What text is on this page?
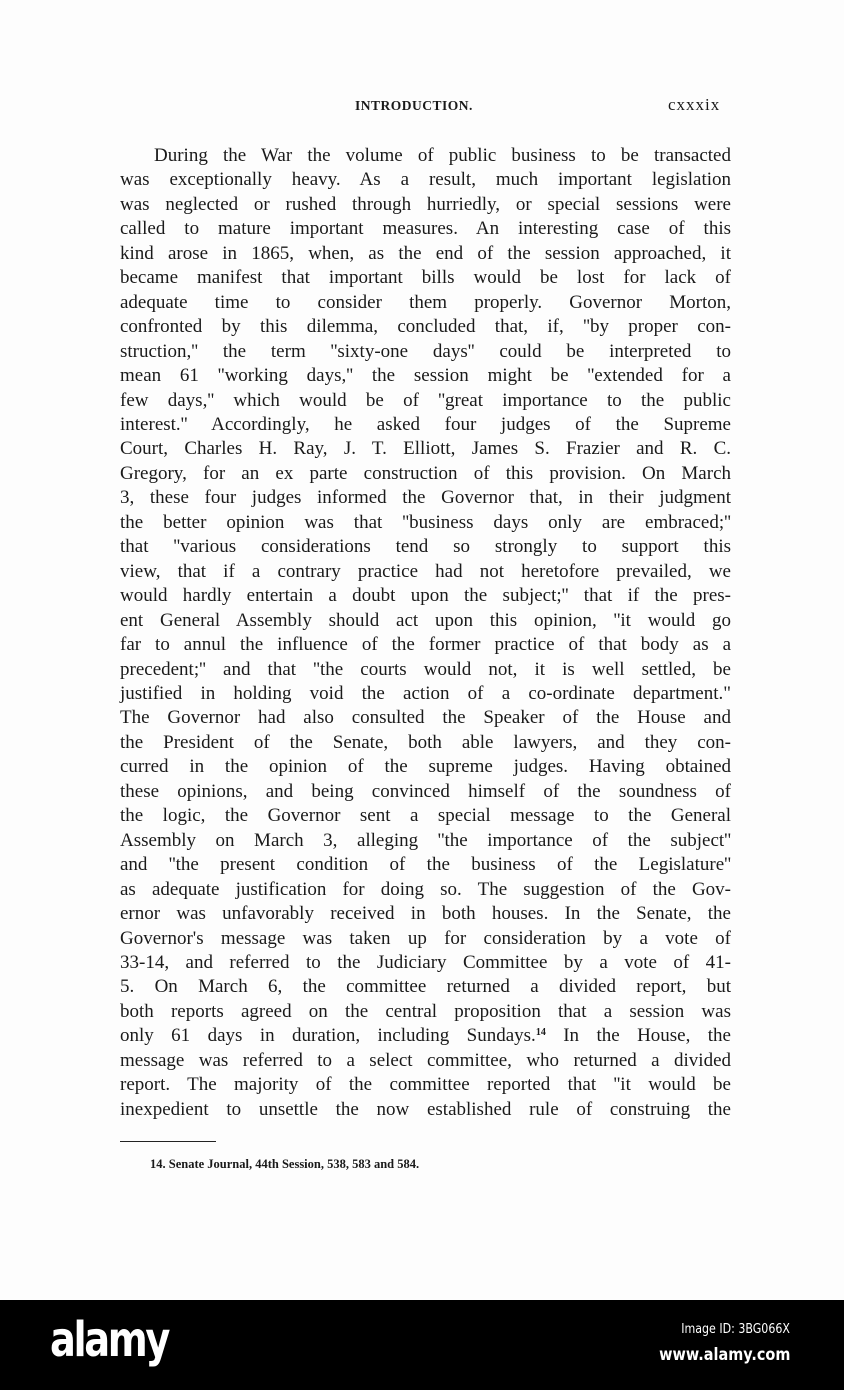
INTRODUCTION.	cxxxix
During the War the volume of public business to be transacted
was exceptionally heavy. As a result, much important legislation
was neglected or rushed through hurriedly, or special sessions were
called to mature important measures. An interesting case of this
kind arose in 1865, when, as the end of the session approached, it
became manifest that important bills would be lost for lack of
adequate time to consider them properly. Governor Morton,
confronted by this dilemma, concluded that, if, ''by proper con-
struction,'' the term ''sixty-one days'' could be interpreted to
mean 61 ''working days,'' the session might be ''extended for a
few days,'' which would be of ''great importance to the public
interest.'' Accordingly, he asked four judges of the Supreme
Court, Charles H. Ray, J. T. Elliott, James S. Frazier and R. C.
Gregory, for an ex parte construction of this provision. On March
3, these four judges informed the Governor that, in their judgment
the better opinion was that ''business days only are embraced;''
that ''various considerations tend so strongly to support this
view, that if a contrary practice had not heretofore prevailed, we
would hardly entertain a doubt upon the subject;'' that if the pres-
ent General Assembly should act upon this opinion, ''it would go
far to annul the influence of the former practice of that body as a
precedent;'' and that ''the courts would not, it is well settled, be
justified in holding void the action of a co-ordinate department."
The Governor had also consulted the Speaker of the House and
the President of the Senate, both able lawyers, and they con-
curred in the opinion of the supreme judges. Having obtained
these opinions, and being convinced himself of the soundness of
the logic, the Governor sent a special message to the General
Assembly on March 3, alleging ''the importance of the subject''
and ''the present condition of the business of the Legislature''
as adequate justification for doing so. The suggestion of the Gov-
ernor was unfavorably received in both houses. In the Senate, the
Governor's message was taken up for consideration by a vote of
33-14, and referred to the Judiciary Committee by a vote of 41-
5. On March 6, the committee returned a divided report, but
both reports agreed on the central proposition that a session was
only 61 days in duration, including Sundays.$^{14}$ In the House, the
message was referred to a select committee, who returned a divided
report. The majority of the committee reported that ''it would be
inexpedient to unsettle the now established rule of construing the
14. Senate Journal, 44th Session, 538, 583 and 584.
alamy	Image ID: 3BG066X
www.alamy.com
